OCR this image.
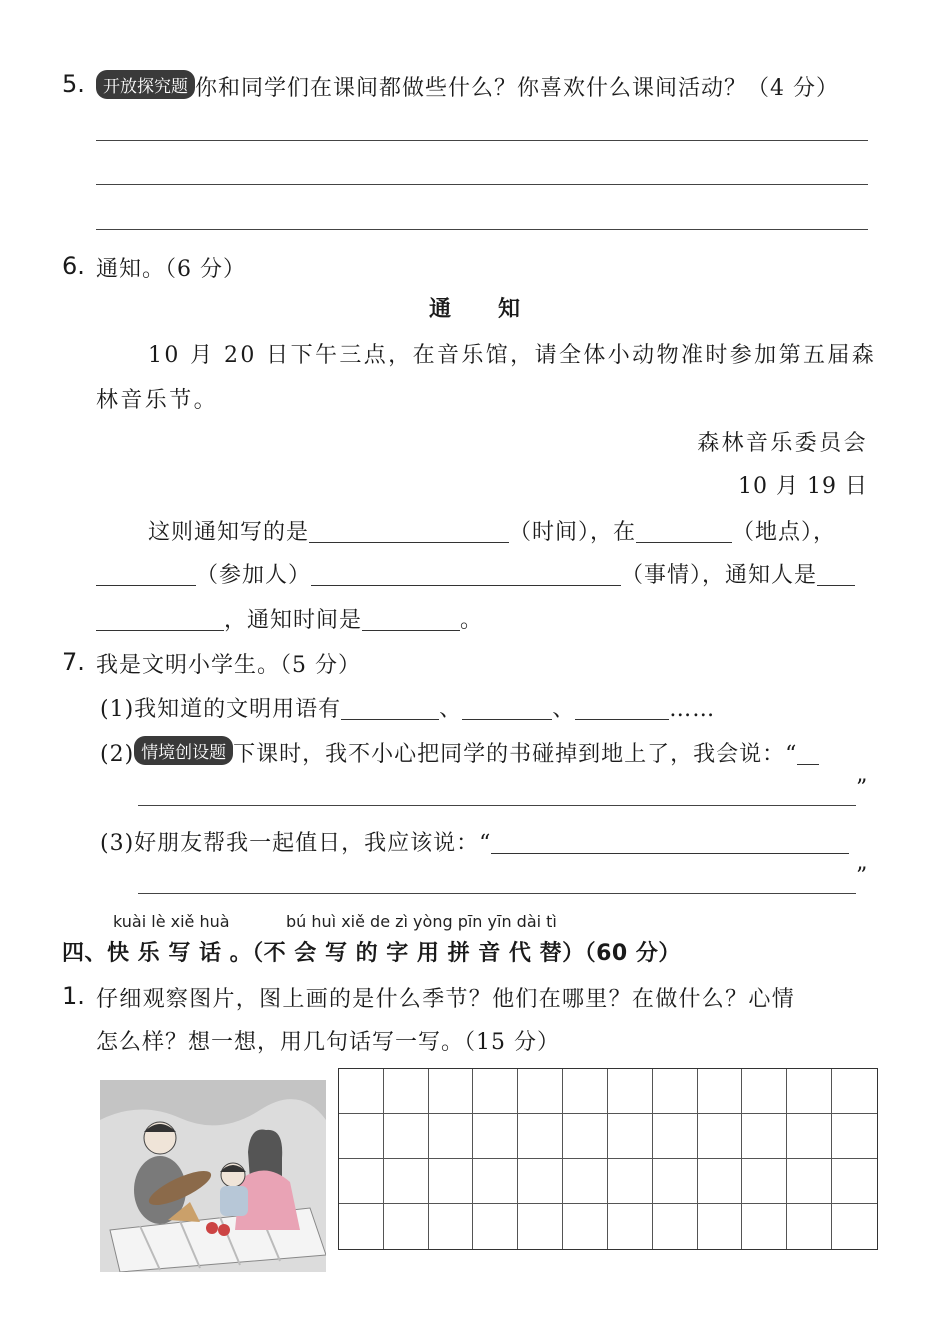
5.	开放探究题 你和同学们在课间都做些什么？你喜欢什么课间活动？（4 分）
6. 通知。（6 分）
通　　知
10 月 20 日下午三点，在音乐馆，请全体小动物准时参加第五届森
林音乐节。
森林音乐委员会
10 月 19 日
这则通知写的是	（时间），在	（地点），
（参加人）	（事情），通知人是
，通知时间是	。
7. 我是文明小学生。（5 分）
(1)我知道的文明用语有	、	、	……
(2) 情境创设题 下课时，我不小心把同学的书碰掉到地上了，我会说：“
”
(3)好朋友帮我一起值日，我应该说：“
”
kuài lè xiě huà	bú huì xiě de zì yòng pīn yīn dài tì
四、快 乐 写 话 。（不 会 写 的 字 用 拼 音 代 替）（60 分）
1. 仔细观察图片，图上画的是什么季节？他们在哪里？在做什么？心情
怎么样？想一想，用几句话写一写。（15 分）
